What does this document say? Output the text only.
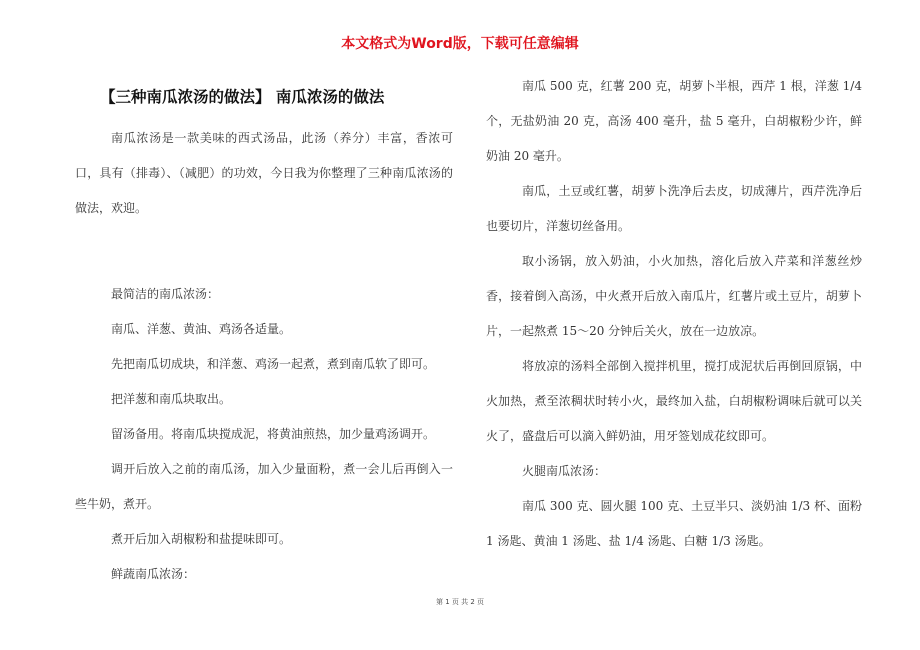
本文格式为Word版，下载可任意编辑
【三种南瓜浓汤的做法】 南瓜浓汤的做法

南瓜浓汤是一款美味的西式汤品，此汤（养分）丰富，香浓可口，具有（排毒）、（减肥）的功效，今日我为你整理了三种南瓜浓汤的做法，欢迎。

最简洁的南瓜浓汤：

南瓜、洋葱、黄油、鸡汤各适量。

先把南瓜切成块，和洋葱、鸡汤一起煮，煮到南瓜软了即可。

把洋葱和南瓜块取出。

留汤备用。将南瓜块搅成泥，将黄油煎热，加少量鸡汤调开。

调开后放入之前的南瓜汤，加入少量面粉，煮一会儿后再倒入一些牛奶，煮开。

煮开后加入胡椒粉和盐提味即可。

鲜蔬南瓜浓汤：

南瓜 500 克，红薯 200 克，胡萝卜半根，西芹 1 根，洋葱 1/4 个，无盐奶油 20 克，高汤 400 毫升，盐 5 毫升，白胡椒粉少许，鲜奶油 20 毫升。

南瓜，土豆或红薯，胡萝卜洗净后去皮，切成薄片，西芹洗净后也要切片，洋葱切丝备用。

取小汤锅，放入奶油，小火加热，溶化后放入芹菜和洋葱丝炒香，接着倒入高汤，中火煮开后放入南瓜片，红薯片或土豆片，胡萝卜片，一起熬煮 15～20 分钟后关火，放在一边放凉。

将放凉的汤料全部倒入搅拌机里，搅打成泥状后再倒回原锅，中火加热，煮至浓稠状时转小火，最终加入盐，白胡椒粉调味后就可以关火了，盛盘后可以滴入鲜奶油，用牙签划成花纹即可。

火腿南瓜浓汤：

南瓜 300 克、圆火腿 100 克、土豆半只、淡奶油 1/3 杯、面粉 1 汤匙、黄油 1 汤匙、盐 1/4 汤匙、白糖 1/3 汤匙。

第 1 页 共 2 页
